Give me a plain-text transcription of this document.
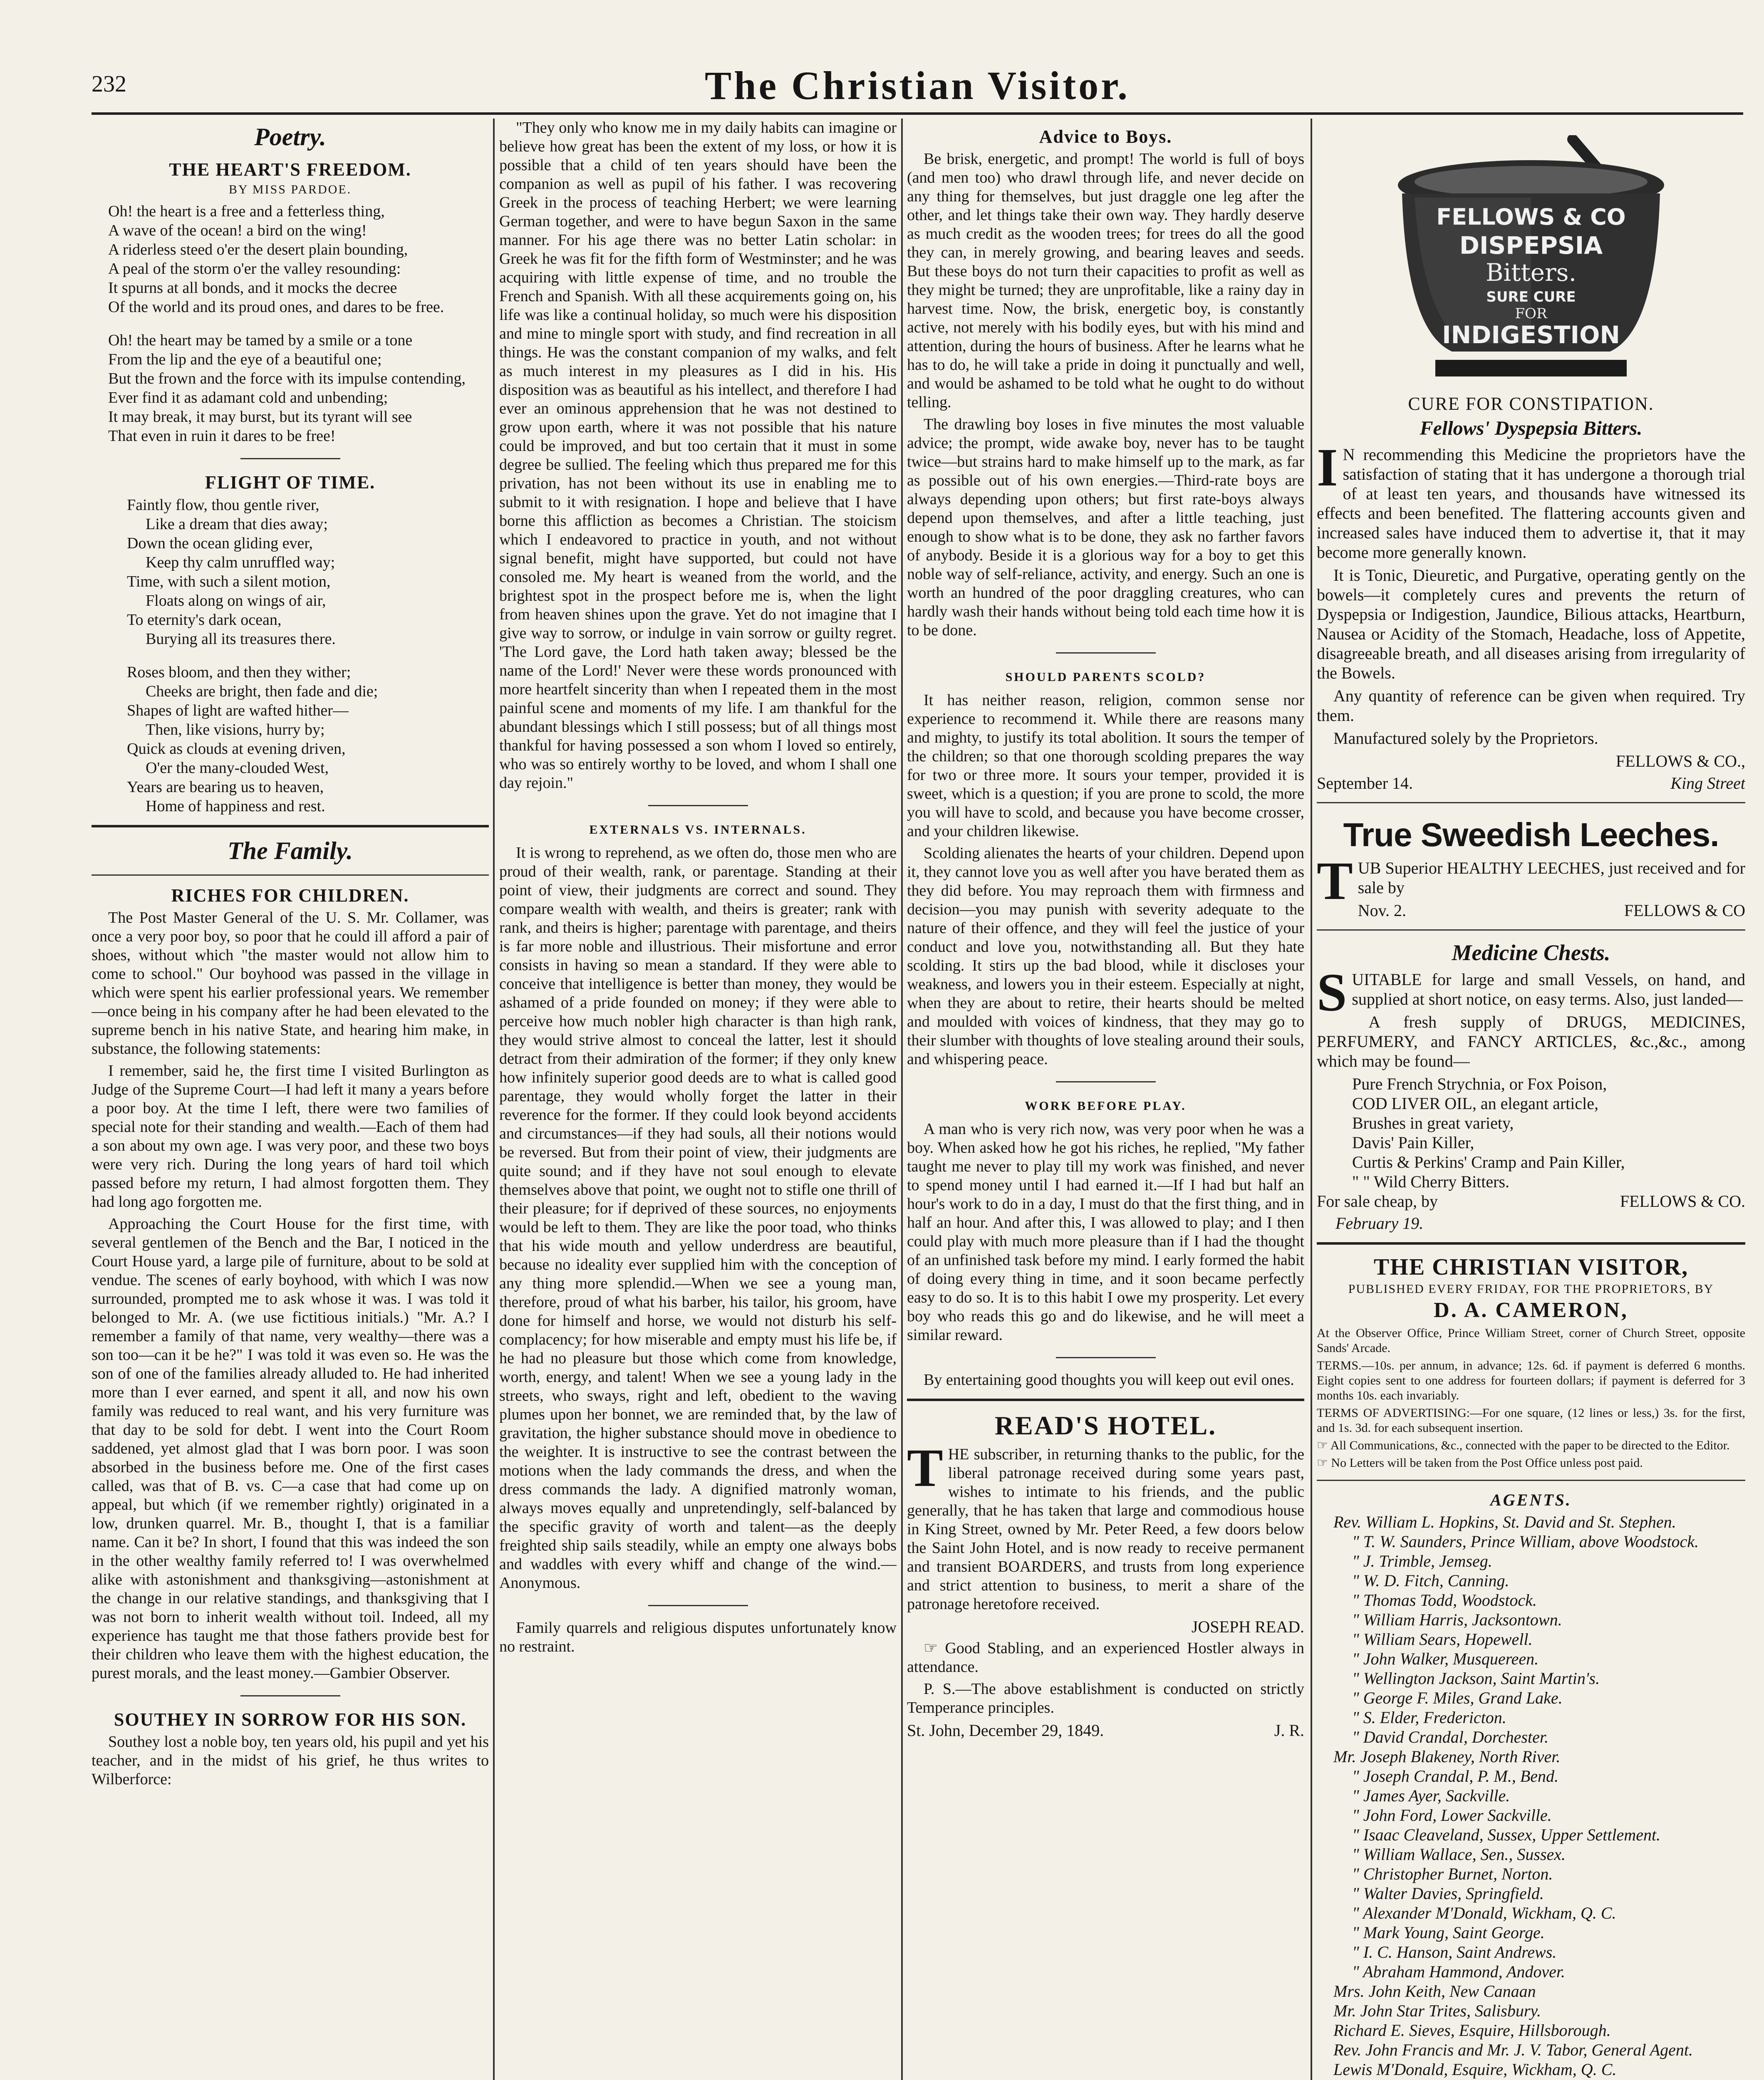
232	The Christian Visitor.
Poetry.
THE HEART'S FREEDOM.
BY MISS PARDOE.

Oh! the heart is a free and a fetterless thing,

A wave of the ocean! a bird on the wing!

A riderless steed o'er the desert plain bounding,

A peal of the storm o'er the valley resounding:

It spurns at all bonds, and it mocks the decree

Of the world and its proud ones, and dares to be free.

Oh! the heart may be tamed by a smile or a tone

From the lip and the eye of a beautiful one;

But the frown and the force with its impulse contending,

Ever find it as adamant cold and unbending;

It may break, it may burst, but its tyrant will see

That even in ruin it dares to be free!

FLIGHT OF TIME.

Faintly flow, thou gentle river,

Like a dream that dies away;

Down the ocean gliding ever,

Keep thy calm unruffled way;

Time, with such a silent motion,

Floats along on wings of air,

To eternity's dark ocean,

Burying all its treasures there.

Roses bloom, and then they wither;

Cheeks are bright, then fade and die;

Shapes of light are wafted hither—

Then, like visions, hurry by;

Quick as clouds at evening driven,

O'er the many-clouded West,

Years are bearing us to heaven,

Home of happiness and rest.

The Family.
RICHES FOR CHILDREN.

The Post Master General of the U. S. Mr. Collamer, was once a very poor boy, so poor that he could ill afford a pair of shoes, without which "the master would not allow him to come to school." Our boyhood was passed in the village in which were spent his earlier professional years. We remember—once being in his company after he had been elevated to the supreme bench in his native State, and hearing him make, in substance, the following statements:

I remember, said he, the first time I visited Burlington as Judge of the Supreme Court—I had left it many a years before a poor boy. At the time I left, there were two families of special note for their standing and wealth.—Each of them had a son about my own age. I was very poor, and these two boys were very rich. During the long years of hard toil which passed before my return, I had almost forgotten them. They had long ago forgotten me.

Approaching the Court House for the first time, with several gentlemen of the Bench and the Bar, I noticed in the Court House yard, a large pile of furniture, about to be sold at vendue. The scenes of early boyhood, with which I was now surrounded, prompted me to ask whose it was. I was told it belonged to Mr. A. (we use fictitious initials.) "Mr. A.? I remember a family of that name, very wealthy—there was a son too—can it be he?" I was told it was even so. He was the son of one of the families already alluded to. He had inherited more than I ever earned, and spent it all, and now his own family was reduced to real want, and his very furniture was that day to be sold for debt. I went into the Court Room saddened, yet almost glad that I was born poor. I was soon absorbed in the business before me. One of the first cases called, was that of B. vs. C—a case that had come up on appeal, but which (if we remember rightly) originated in a low, drunken quarrel. Mr. B., thought I, that is a familiar name. Can it be? In short, I found that this was indeed the son in the other wealthy family referred to! I was overwhelmed alike with astonishment and thanksgiving—astonishment at the change in our relative standings, and thanksgiving that I was not born to inherit wealth without toil. Indeed, all my experience has taught me that those fathers provide best for their children who leave them with the highest education, the purest morals, and the least money.—Gambier Observer.

SOUTHEY IN SORROW FOR HIS SON.

Southey lost a noble boy, ten years old, his pupil and yet his teacher, and in the midst of his grief, he thus writes to Wilberforce:

"They only who know me in my daily habits can imagine or believe how great has been the extent of my loss, or how it is possible that a child of ten years should have been the companion as well as pupil of his father. I was recovering Greek in the process of teaching Herbert; we were learning German together, and were to have begun Saxon in the same manner. For his age there was no better Latin scholar: in Greek he was fit for the fifth form of Westminster; and he was acquiring with little expense of time, and no trouble the French and Spanish. With all these acquirements going on, his life was like a continual holiday, so much were his disposition and mine to mingle sport with study, and find recreation in all things. He was the constant companion of my walks, and felt as much interest in my pleasures as I did in his. His disposition was as beautiful as his intellect, and therefore I had ever an ominous apprehension that he was not destined to grow upon earth, where it was not possible that his nature could be improved, and but too certain that it must in some degree be sullied. The feeling which thus prepared me for this privation, has not been without its use in enabling me to submit to it with resignation. I hope and believe that I have borne this affliction as becomes a Christian. The stoicism which I endeavored to practice in youth, and not without signal benefit, might have supported, but could not have consoled me. My heart is weaned from the world, and the brightest spot in the prospect before me is, when the light from heaven shines upon the grave. Yet do not imagine that I give way to sorrow, or indulge in vain sorrow or guilty regret. 'The Lord gave, the Lord hath taken away; blessed be the name of the Lord!' Never were these words pronounced with more heartfelt sincerity than when I repeated them in the most painful scene and moments of my life. I am thankful for the abundant blessings which I still possess; but of all things most thankful for having possessed a son whom I loved so entirely, who was so entirely worthy to be loved, and whom I shall one day rejoin."

EXTERNALS VS. INTERNALS.

It is wrong to reprehend, as we often do, those men who are proud of their wealth, rank, or parentage. Standing at their point of view, their judgments are correct and sound. They compare wealth with wealth, and theirs is greater; rank with rank, and theirs is higher; parentage with parentage, and theirs is far more noble and illustrious. Their misfortune and error consists in having so mean a standard. If they were able to conceive that intelligence is better than money, they would be ashamed of a pride founded on money; if they were able to perceive how much nobler high character is than high rank, they would strive almost to conceal the latter, lest it should detract from their admiration of the former; if they only knew how infinitely superior good deeds are to what is called good parentage, they would wholly forget the latter in their reverence for the former. If they could look beyond accidents and circumstances—if they had souls, all their notions would be reversed. But from their point of view, their judgments are quite sound; and if they have not soul enough to elevate themselves above that point, we ought not to stifle one thrill of their pleasure; for if deprived of these sources, no enjoyments would be left to them. They are like the poor toad, who thinks that his wide mouth and yellow underdress are beautiful, because no ideality ever supplied him with the conception of any thing more splendid.—When we see a young man, therefore, proud of what his barber, his tailor, his groom, have done for himself and horse, we would not disturb his self-complacency; for how miserable and empty must his life be, if he had no pleasure but those which come from knowledge, worth, energy, and talent! When we see a young lady in the streets, who sways, right and left, obedient to the waving plumes upon her bonnet, we are reminded that, by the law of gravitation, the higher substance should move in obedience to the weighter. It is instructive to see the contrast between the motions when the lady commands the dress, and when the dress commands the lady. A dignified matronly woman, always moves equally and unpretendingly, self-balanced by the specific gravity of worth and talent—as the deeply freighted ship sails steadily, while an empty one always bobs and waddles with every whiff and change of the wind.—Anonymous.

Family quarrels and religious disputes unfortunately know no restraint.

Advice to Boys.

Be brisk, energetic, and prompt! The world is full of boys (and men too) who drawl through life, and never decide on any thing for themselves, but just draggle one leg after the other, and let things take their own way. They hardly deserve as much credit as the wooden trees; for trees do all the good they can, in merely growing, and bearing leaves and seeds. But these boys do not turn their capacities to profit as well as they might be turned; they are unprofitable, like a rainy day in harvest time. Now, the brisk, energetic boy, is constantly active, not merely with his bodily eyes, but with his mind and attention, during the hours of business. After he learns what he has to do, he will take a pride in doing it punctually and well, and would be ashamed to be told what he ought to do without telling.

The drawling boy loses in five minutes the most valuable advice; the prompt, wide awake boy, never has to be taught twice—but strains hard to make himself up to the mark, as far as possible out of his own energies.—Third-rate boys are always depending upon others; but first rate-boys always depend upon themselves, and after a little teaching, just enough to show what is to be done, they ask no farther favors of anybody. Beside it is a glorious way for a boy to get this noble way of self-reliance, activity, and energy. Such an one is worth an hundred of the poor draggling creatures, who can hardly wash their hands without being told each time how it is to be done.

SHOULD PARENTS SCOLD?

It has neither reason, religion, common sense nor experience to recommend it. While there are reasons many and mighty, to justify its total abolition. It sours the temper of the children; so that one thorough scolding prepares the way for two or three more. It sours your temper, provided it is sweet, which is a question; if you are prone to scold, the more you will have to scold, and because you have become crosser, and your children likewise.

Scolding alienates the hearts of your children. Depend upon it, they cannot love you as well after you have berated them as they did before. You may reproach them with firmness and decision—you may punish with severity adequate to the nature of their offence, and they will feel the justice of your conduct and love you, notwithstanding all. But they hate scolding. It stirs up the bad blood, while it discloses your weakness, and lowers you in their esteem. Especially at night, when they are about to retire, their hearts should be melted and moulded with voices of kindness, that they may go to their slumber with thoughts of love stealing around their souls, and whispering peace.

WORK BEFORE PLAY.

A man who is very rich now, was very poor when he was a boy. When asked how he got his riches, he replied, "My father taught me never to play till my work was finished, and never to spend money until I had earned it.—If I had but half an hour's work to do in a day, I must do that the first thing, and in half an hour. And after this, I was allowed to play; and I then could play with much more pleasure than if I had the thought of an unfinished task before my mind. I early formed the habit of doing every thing in time, and it soon became perfectly easy to do so. It is to this habit I owe my prosperity. Let every boy who reads this go and do likewise, and he will meet a similar reward.

By entertaining good thoughts you will keep out evil ones.

READ'S HOTEL.

THE subscriber, in returning thanks to the public, for the liberal patronage received during some years past, wishes to intimate to his friends, and the public generally, that he has taken that large and commodious house in King Street, owned by Mr. Peter Reed, a few doors below the Saint John Hotel, and is now ready to receive permanent and transient BOARDERS, and trusts from long experience and strict attention to business, to merit a share of the patronage heretofore received.

JOSEPH READ.

☞ Good Stabling, and an experienced Hostler always in attendance.

P. S.—The above establishment is conducted on strictly Temperance principles.

St. John, December 29, 1849.	J. R.
FELLOWS & CO
DISPEPSIA
Bitters.
SURE CURE
FOR
INDIGESTION
CURE FOR CONSTIPATION.
Fellows' Dyspepsia Bitters.

I N recommending this Medicine the proprietors have the satisfaction of stating that it has undergone a thorough trial of at least ten years, and thousands have witnessed its effects and been benefited. The flattering accounts given and increased sales have induced them to advertise it, that it may become more generally known.

It is Tonic, Dieuretic, and Purgative, operating gently on the bowels—it completely cures and prevents the return of Dyspepsia or Indigestion, Jaundice, Bilious attacks, Heartburn, Nausea or Acidity of the Stomach, Headache, loss of Appetite, disagreeable breath, and all diseases arising from irregularity of the Bowels.

Any quantity of reference can be given when required. Try them.

Manufactured solely by the Proprietors.

FELLOWS & CO.,
September 14.	King Street
True Sweedish Leeches.

TUB Superior HEALTHY LEECHES, just received and for sale by

Nov. 2.	FELLOWS & CO
Medicine Chests.

SUITABLE for large and small Vessels, on hand, and supplied at short notice, on easy terms. Also, just landed—

A fresh supply of DRUGS, MEDICINES, PERFUMERY, and FANCY ARTICLES, &c.,&c., among which may be found—

Pure French Strychnia, or Fox Poison,

COD LIVER OIL, an elegant article,

Brushes in great variety,

Davis' Pain Killer,

Curtis & Perkins' Cramp and Pain Killer,

" " Wild Cherry Bitters.

For sale cheap, by	FELLOWS & CO.
February 19.
THE CHRISTIAN VISITOR,
PUBLISHED EVERY FRIDAY, FOR THE PROPRIETORS, BY
D. A. CAMERON,
At the Observer Office, Prince William Street, corner of Church Street, opposite Sands' Arcade.
TERMS.—10s. per annum, in advance; 12s. 6d. if payment is deferred 6 months. Eight copies sent to one address for fourteen dollars; if payment is deferred for 3 months 10s. each invariably.
TERMS OF ADVERTISING:—For one square, (12 lines or less,) 3s. for the first, and 1s. 3d. for each subsequent insertion.
☞ All Communications, &c., connected with the paper to be directed to the Editor.
☞ No Letters will be taken from the Post Office unless post paid.
AGENTS.

Rev. William L. Hopkins, St. David and St. Stephen.

" T. W. Saunders, Prince William, above Woodstock.

" J. Trimble, Jemseg.

" W. D. Fitch, Canning.

" Thomas Todd, Woodstock.

" William Harris, Jacksontown.

" William Sears, Hopewell.

" John Walker, Musquereen.

" Wellington Jackson, Saint Martin's.

" George F. Miles, Grand Lake.

" S. Elder, Fredericton.

" David Crandal, Dorchester.

Mr. Joseph Blakeney, North River.

" Joseph Crandal, P. M., Bend.

" James Ayer, Sackville.

" John Ford, Lower Sackville.

" Isaac Cleaveland, Sussex, Upper Settlement.

" William Wallace, Sen., Sussex.

" Christopher Burnet, Norton.

" Walter Davies, Springfield.

" Alexander M'Donald, Wickham, Q. C.

" Mark Young, Saint George.

" I. C. Hanson, Saint Andrews.

" Abraham Hammond, Andover.

Mrs. John Keith, New Canaan

Mr. John Star Trites, Salisbury.

Richard E. Sieves, Esquire, Hillsborough.

Rev. John Francis and Mr. J. V. Tabor, General Agent.

Lewis M'Donald, Esquire, Wickham, Q. C.
